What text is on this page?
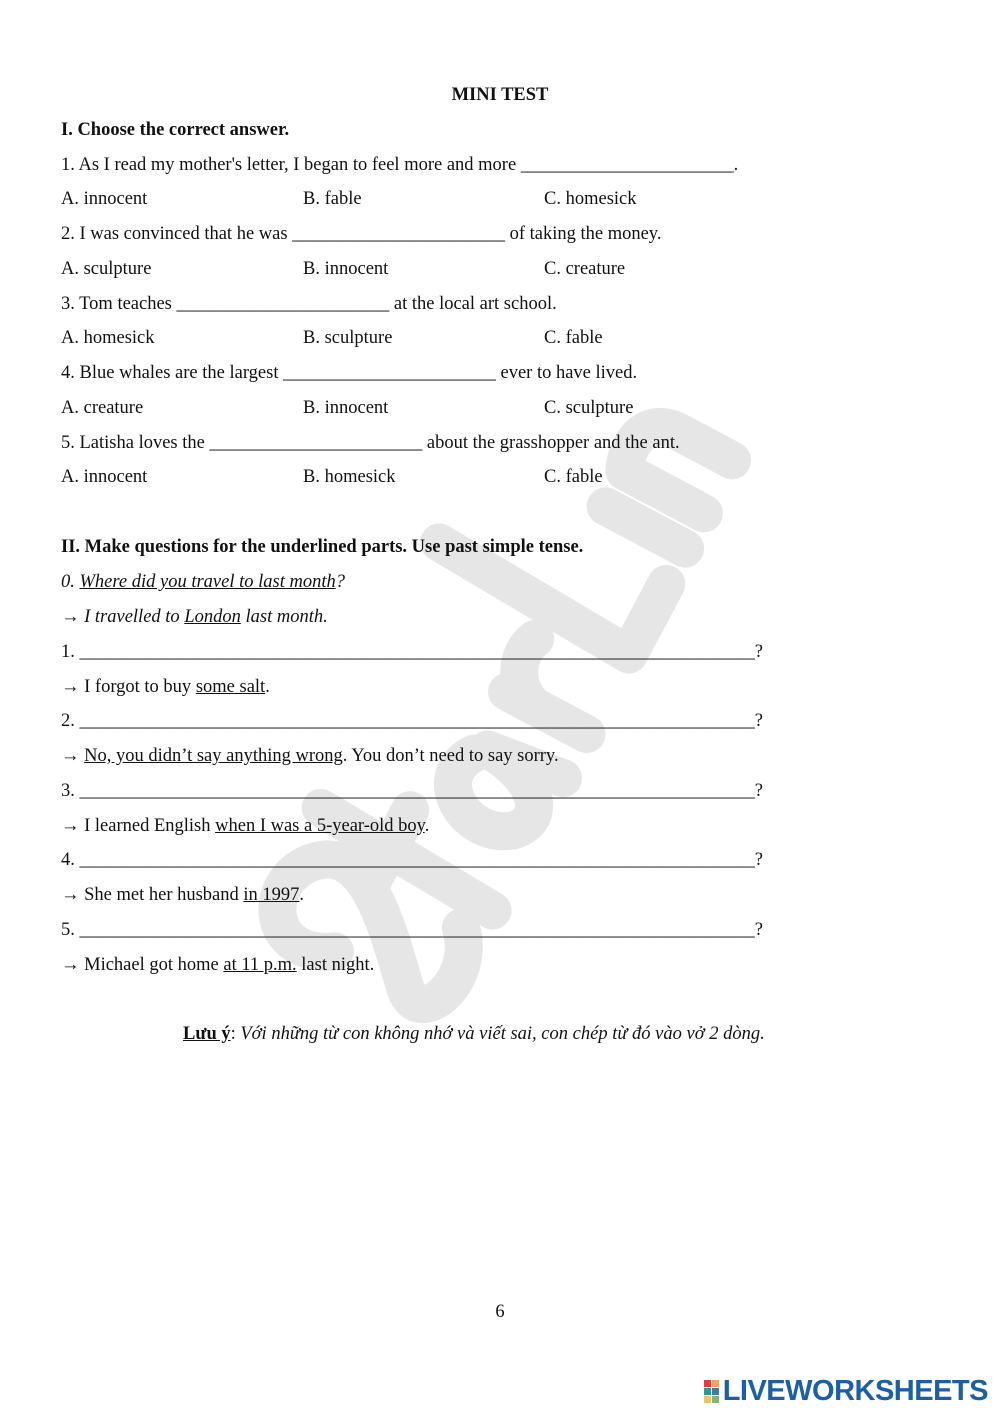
MINI TEST
I. Choose the correct answer.
1. As I read my mother's letter, I began to feel more and more _______________________.
A. innocent	B. fable	C. homesick
2. I was convinced that he was _______________________ of taking the money.
A. sculpture	B. innocent	C. creature
3. Tom teaches _______________________ at the local art school.
A. homesick	B. sculpture	C. fable
4. Blue whales are the largest _______________________ ever to have lived.
A. creature	B. innocent	C. sculpture
5. Latisha loves the _______________________ about the grasshopper and the ant.
A. innocent	B. homesick	C. fable
II. Make questions for the underlined parts. Use past simple tense.
0. Where did you travel to last month?
→ I travelled to London last month.
1. _________________________________________________________________________?
→ I forgot to buy some salt.
2. _________________________________________________________________________?
→ No, you didn’t say anything wrong. You don’t need to say sorry.
3. _________________________________________________________________________?
→ I learned English when I was a 5-year-old boy.
4. _________________________________________________________________________?
→ She met her husband in 1997.
5. _________________________________________________________________________?
→ Michael got home at 11 p.m. last night.
Lưu ý: Với những từ con không nhớ và viết sai, con chép từ đó vào vở 2 dòng.
6
LIVEWORKSHEETS
